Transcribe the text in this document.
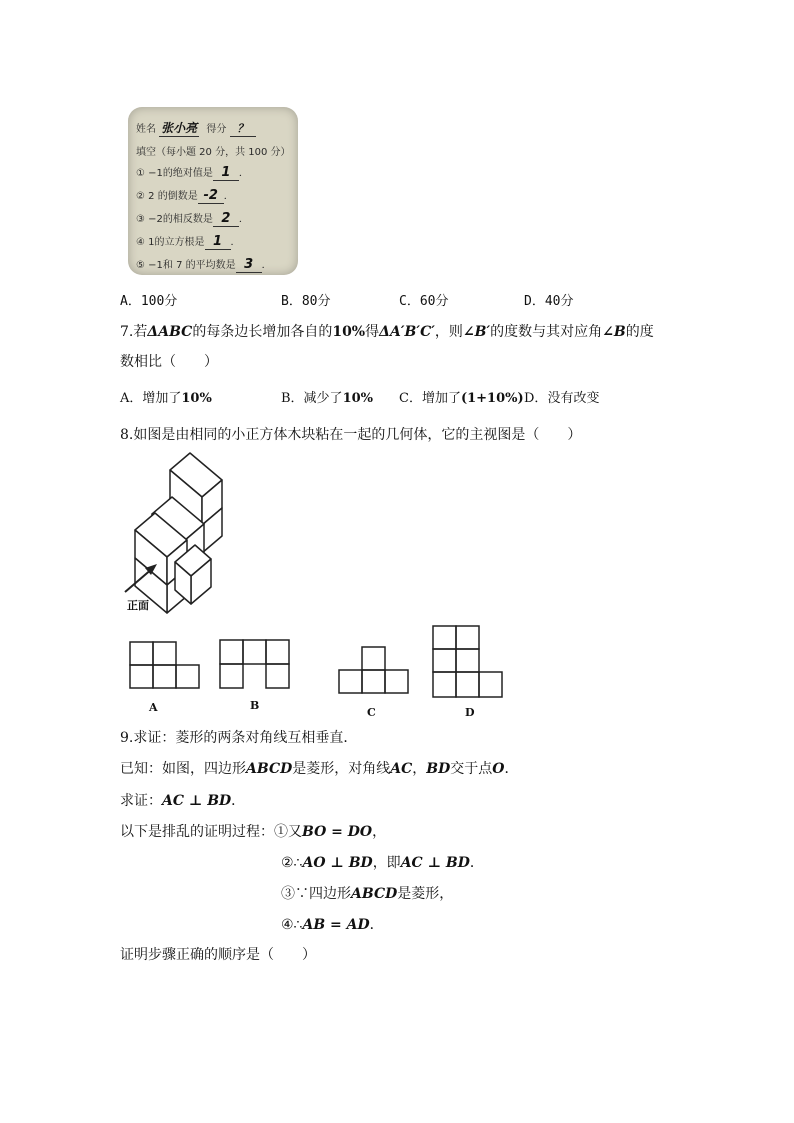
姓名 张小亮 得分 ？
填空（每小题 20 分，共 100 分）
① −1的绝对值是 1 ．
② 2 的倒数是 -2 ．
③ −2的相反数是 2 ．
④ 1的立方根是 1 ．
⑤ −1和 7 的平均数是 3 ．
A．100分	B．80分	C．60分	D．40分
7.若ΔABC的每条边长增加各自的10%得ΔA′B′C′，则∠B′的度数与其对应角∠B的度
数相比（　　）
A．增加了10%	B．减少了10% C．增加了(1+10%) D．没有改变
8.如图是由相同的小正方体木块粘在一起的几何体，它的主视图是（　　）
正面
A	B
C	D
9.求证：菱形的两条对角线互相垂直．
已知：如图，四边形ABCD是菱形，对角线AC，BD交于点O．
求证：AC ⊥ BD．
以下是排乱的证明过程：①又BO = DO，
②∴AO ⊥ BD，即AC ⊥ BD．
③∵四边形ABCD是菱形，
④∴AB = AD．
证明步骤正确的顺序是（　　）
